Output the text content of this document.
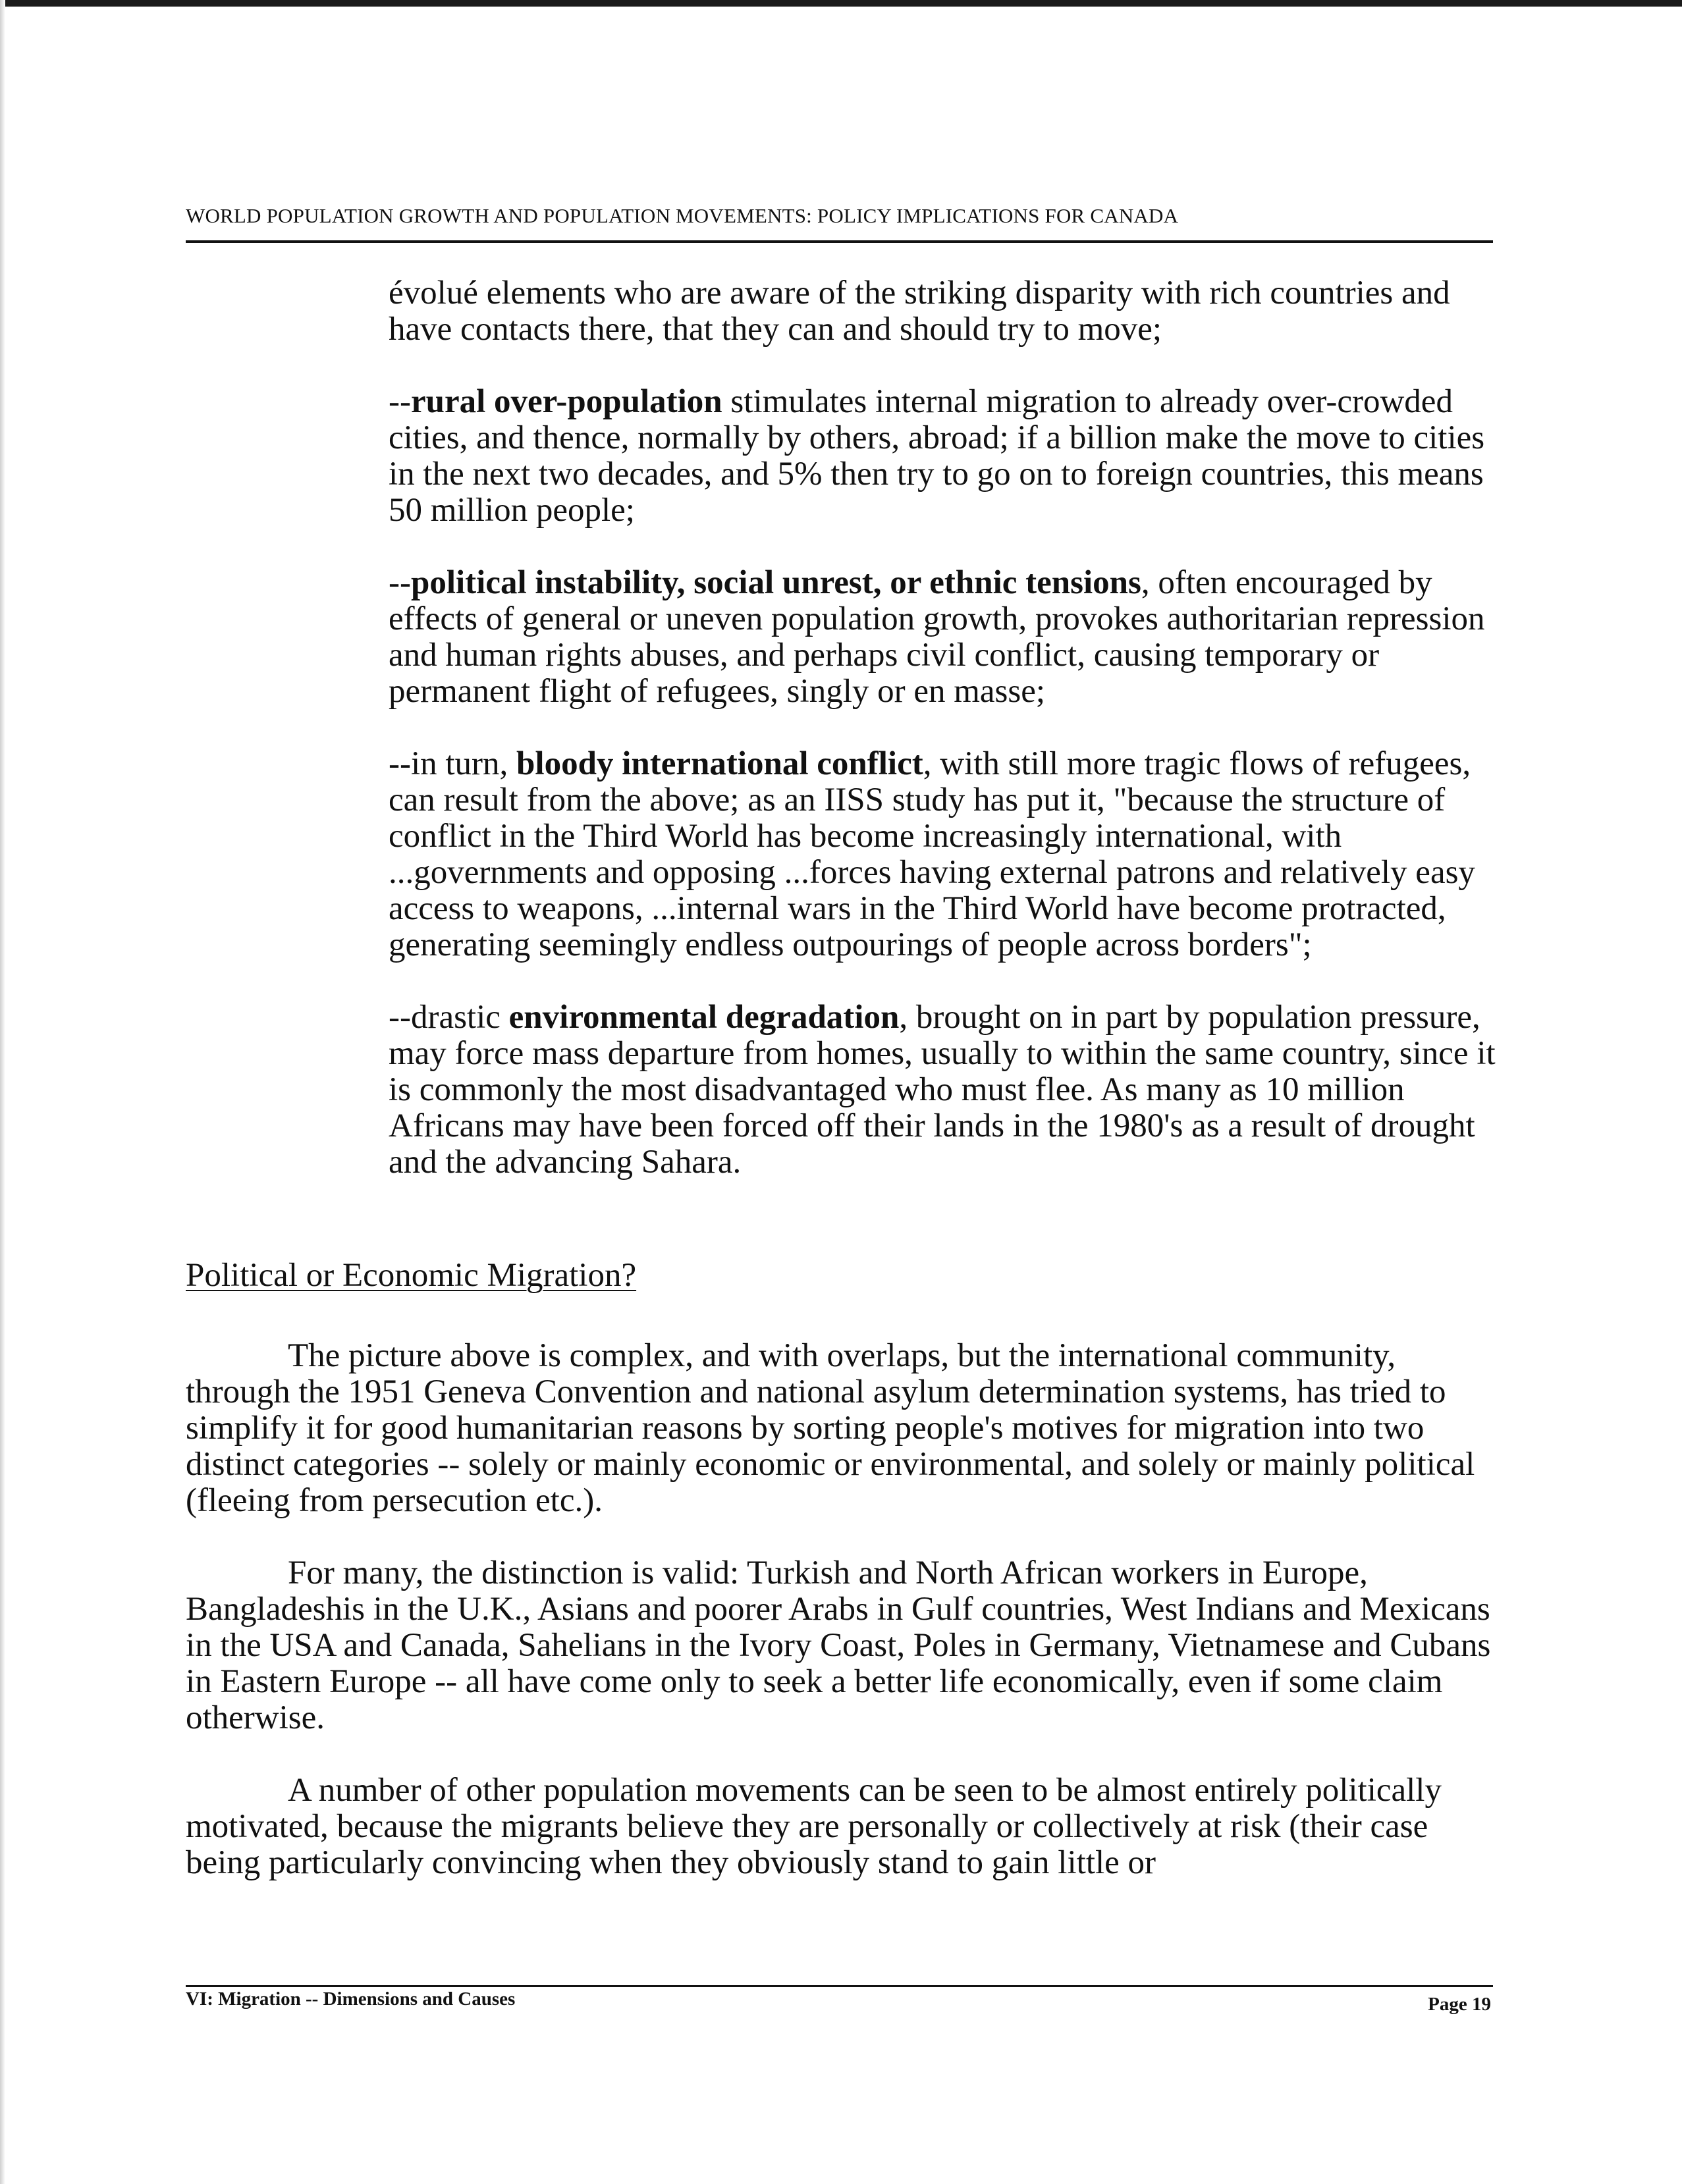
WORLD POPULATION GROWTH AND POPULATION MOVEMENTS: POLICY IMPLICATIONS FOR CANADA

évolué elements who are aware of the striking disparity with rich countries and have contacts there, that they can and should try to move;

--rural over-population stimulates internal migration to already over-crowded cities, and thence, normally by others, abroad; if a billion make the move to cities in the next two decades, and 5% then try to go on to foreign countries, this means 50 million people;

--political instability, social unrest, or ethnic tensions, often encouraged by effects of general or uneven population growth, provokes authoritarian repression and human rights abuses, and perhaps civil conflict, causing temporary or permanent flight of refugees, singly or en masse;

--in turn, bloody international conflict, with still more tragic flows of refugees, can result from the above; as an IISS study has put it, "because the structure of conflict in the Third World has become increasingly international, with ...governments and opposing ...forces having external patrons and relatively easy access to weapons, ...internal wars in the Third World have become protracted, generating seemingly endless outpourings of people across borders";

--drastic environmental degradation, brought on in part by population pressure, may force mass departure from homes, usually to within the same country, since it is commonly the most disadvantaged who must flee. As many as 10 million Africans may have been forced off their lands in the 1980's as a result of drought and the advancing Sahara.

Political or Economic Migration?

The picture above is complex, and with overlaps, but the international community, through the 1951 Geneva Convention and national asylum determination systems, has tried to simplify it for good humanitarian reasons by sorting people's motives for migration into two distinct categories -- solely or mainly economic or environmental, and solely or mainly political (fleeing from persecution etc.).

For many, the distinction is valid: Turkish and North African workers in Europe, Bangladeshis in the U.K., Asians and poorer Arabs in Gulf countries, West Indians and Mexicans in the USA and Canada, Sahelians in the Ivory Coast, Poles in Germany, Vietnamese and Cubans in Eastern Europe -- all have come only to seek a better life economically, even if some claim otherwise.

A number of other population movements can be seen to be almost entirely politically motivated, because the migrants believe they are personally or collectively at risk (their case being particularly convincing when they obviously stand to gain little or

VI: Migration -- Dimensions and Causes	Page 19
